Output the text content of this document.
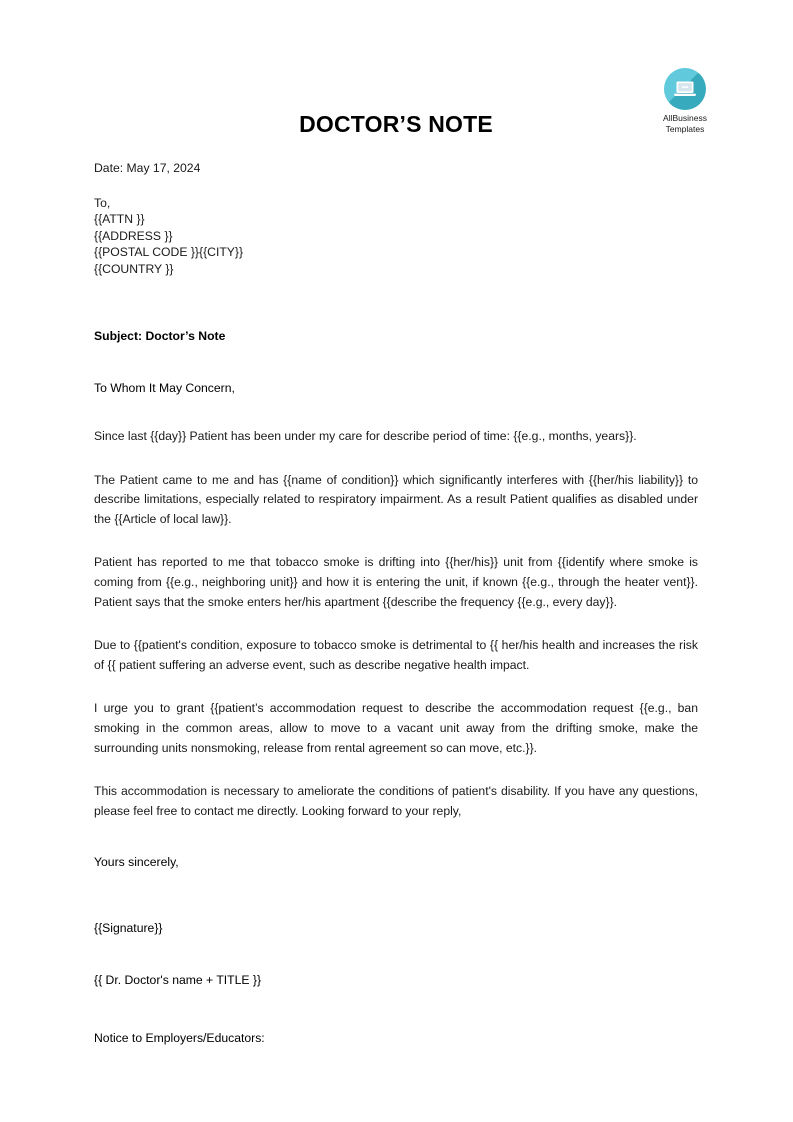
AllBusiness
Templates
DOCTOR’S NOTE
Date: May 17, 2024
To,
{{ATTN }}
{{ADDRESS }}
{{POSTAL CODE }}{{CITY}}
{{COUNTRY }}
Subject: Doctor’s Note
To Whom It May Concern,
Since last {{day}} Patient has been under my care for describe period of time: {{e.g., months, years}}.
The Patient came to me and has {{name of condition}} which significantly interferes with {{her/his liability}} to describe limitations, especially related to respiratory impairment. As a result Patient qualifies as disabled under the {{Article of local law}}.
Patient has reported to me that tobacco smoke is drifting into {{her/his}} unit from {{identify where smoke is coming from {{e.g., neighboring unit}} and how it is entering the unit, if known {{e.g., through the heater vent}}. Patient says that the smoke enters her/his apartment {{describe the frequency {{e.g., every day}}.
Due to {{patient's condition, exposure to tobacco smoke is detrimental to {{ her/his health and increases the risk of {{ patient suffering an adverse event, such as describe negative health impact.
I urge you to grant {{patient’s accommodation request to describe the accommodation request {{e.g., ban smoking in the common areas, allow to move to a vacant unit away from the drifting smoke, make the surrounding units nonsmoking, release from rental agreement so can move, etc.}}.
This accommodation is necessary to ameliorate the conditions of patient's disability. If you have any questions, please feel free to contact me directly. Looking forward to your reply,
Yours sincerely,
{{Signature}}
{{ Dr. Doctor's name + TITLE }}
Notice to Employers/Educators:
